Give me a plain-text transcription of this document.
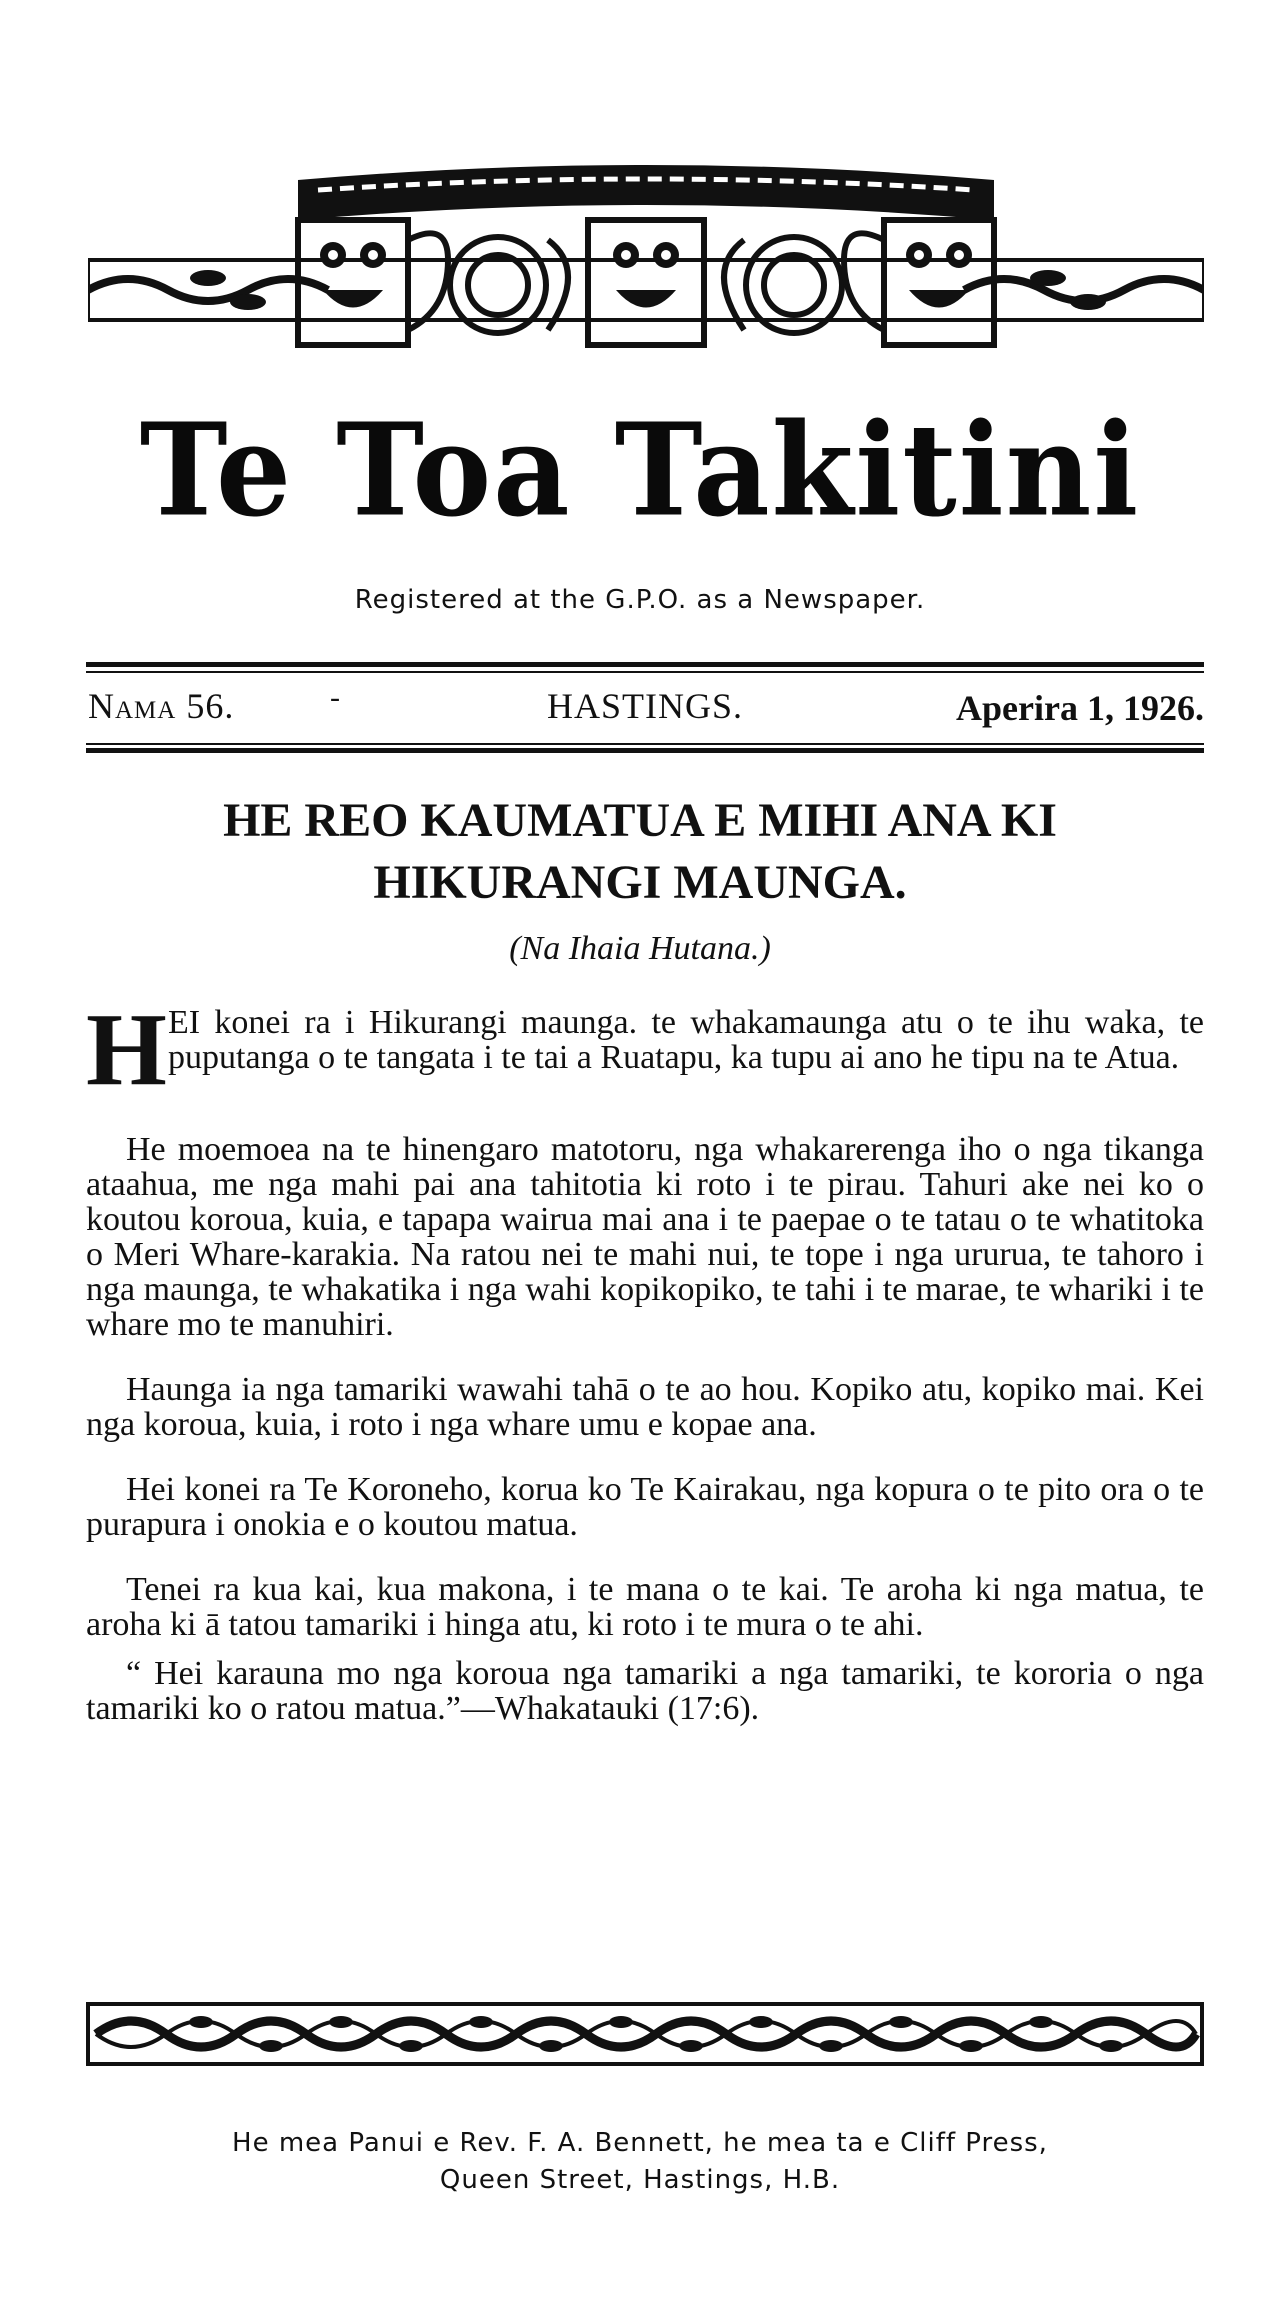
Te Toa Takitini
Registered at the G.P.O. as a Newspaper.
Nama 56.	-	HASTINGS.	Aperira 1, 1926.
HE REO KAUMATUA E MIHI ANA KI
HIKURANGI MAUNGA.
(Na Ihaia Hutana.)

H EI konei ra i Hikurangi maunga. te whakamaunga atu o te ihu waka, te puputanga o te tangata i te tai a Ruatapu, ka tupu ai ano he tipu na te Atua.

He moemoea na te hinengaro matotoru, nga whakarerenga iho o nga tikanga ataahua, me nga mahi pai ana tahitotia ki roto i te pirau. Tahuri ake nei ko o koutou koroua, kuia, e tapapa wairua mai ana i te paepae o te tatau o te whatitoka o Meri Whare-karakia. Na ratou nei te mahi nui, te tope i nga ururua, te tahoro i nga maunga, te whakatika i nga wahi kopikopiko, te tahi i te marae, te whariki i te whare mo te manuhiri.

Haunga ia nga tamariki wawahi tahā o te ao hou. Kopiko atu, kopiko mai. Kei nga koroua, kuia, i roto i nga whare umu e kopae ana.

Hei konei ra Te Koroneho, korua ko Te Kairakau, nga kopura o te pito ora o te purapura i onokia e o koutou matua.

Tenei ra kua kai, kua makona, i te mana o te kai. Te aroha ki nga matua, te aroha ki ā tatou tamariki i hinga atu, ki roto i te mura o te ahi.

“ Hei karauna mo nga koroua nga tamariki a nga tamariki, te kororia o nga tamariki ko o ratou matua.”—Whakatauki (17:6).

He mea Panui e Rev. F. A. Bennett, he mea ta e Cliff Press,
Queen Street, Hastings, H.B.
